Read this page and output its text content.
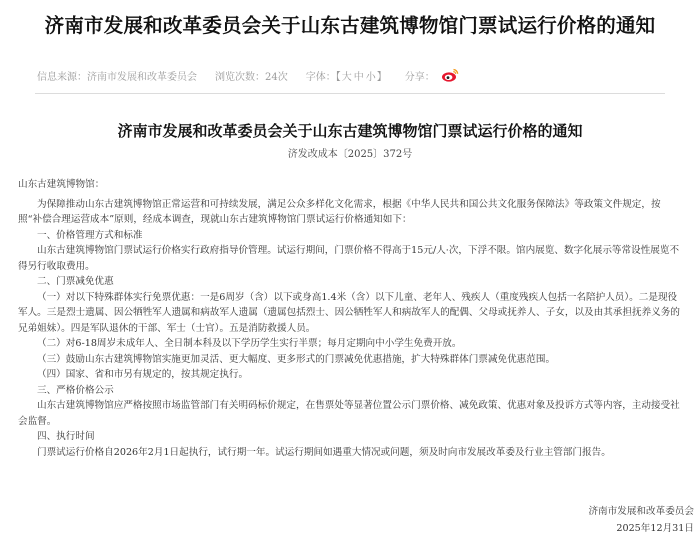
济南市发展和改革委员会关于山东古建筑博物馆门票试运行价格的通知
信息来源：济南市发展和改革委员会 浏览次数：24次 字体：【 大 中 小 】 分享：
济南市发展和改革委员会关于山东古建筑博物馆门票试运行价格的通知
济发改成本〔2025〕372号

山东古建筑博物馆：

为保障推动山东古建筑博物馆正常运营和可持续发展，满足公众多样化文化需求，根据《中华人民共和国公共文化服务保障法》等政策文件规定，按照“补偿合理运营成本”原则，经成本调查，现就山东古建筑博物馆门票试运行价格通知如下：

一、价格管理方式和标准

山东古建筑博物馆门票试运行价格实行政府指导价管理。试运行期间，门票价格不得高于15元/人·次，下浮不限。馆内展览、数字化展示等常设性展览不得另行收取费用。

二、门票减免优惠

（一）对以下特殊群体实行免票优惠：一是6周岁（含）以下或身高1.4米（含）以下儿童、老年人、残疾人（重度残疾人包括一名陪护人员）。二是现役军人。三是烈士遗属、因公牺牲军人遗属和病故军人遗属（遗属包括烈士、因公牺牲军人和病故军人的配偶、父母或抚养人、子女，以及由其承担抚养义务的兄弟姐妹）。四是军队退休的干部、军士（士官）。五是消防救援人员。

（二）对6-18周岁未成年人、全日制本科及以下学历学生实行半票；每月定期向中小学生免费开放。

（三）鼓励山东古建筑博物馆实施更加灵活、更大幅度、更多形式的门票减免优惠措施，扩大特殊群体门票减免优惠范围。

（四）国家、省和市另有规定的，按其规定执行。

三、严格价格公示

山东古建筑博物馆应严格按照市场监管部门有关明码标价规定，在售票处等显著位置公示门票价格、减免政策、优惠对象及投诉方式等内容，主动接受社会监督。

四、执行时间

门票试运行价格自2026年2月1日起执行，试行期一年。试运行期间如遇重大情况或问题，须及时向市发展改革委及行业主管部门报告。

济南市发展和改革委员会
2025年12月31日
